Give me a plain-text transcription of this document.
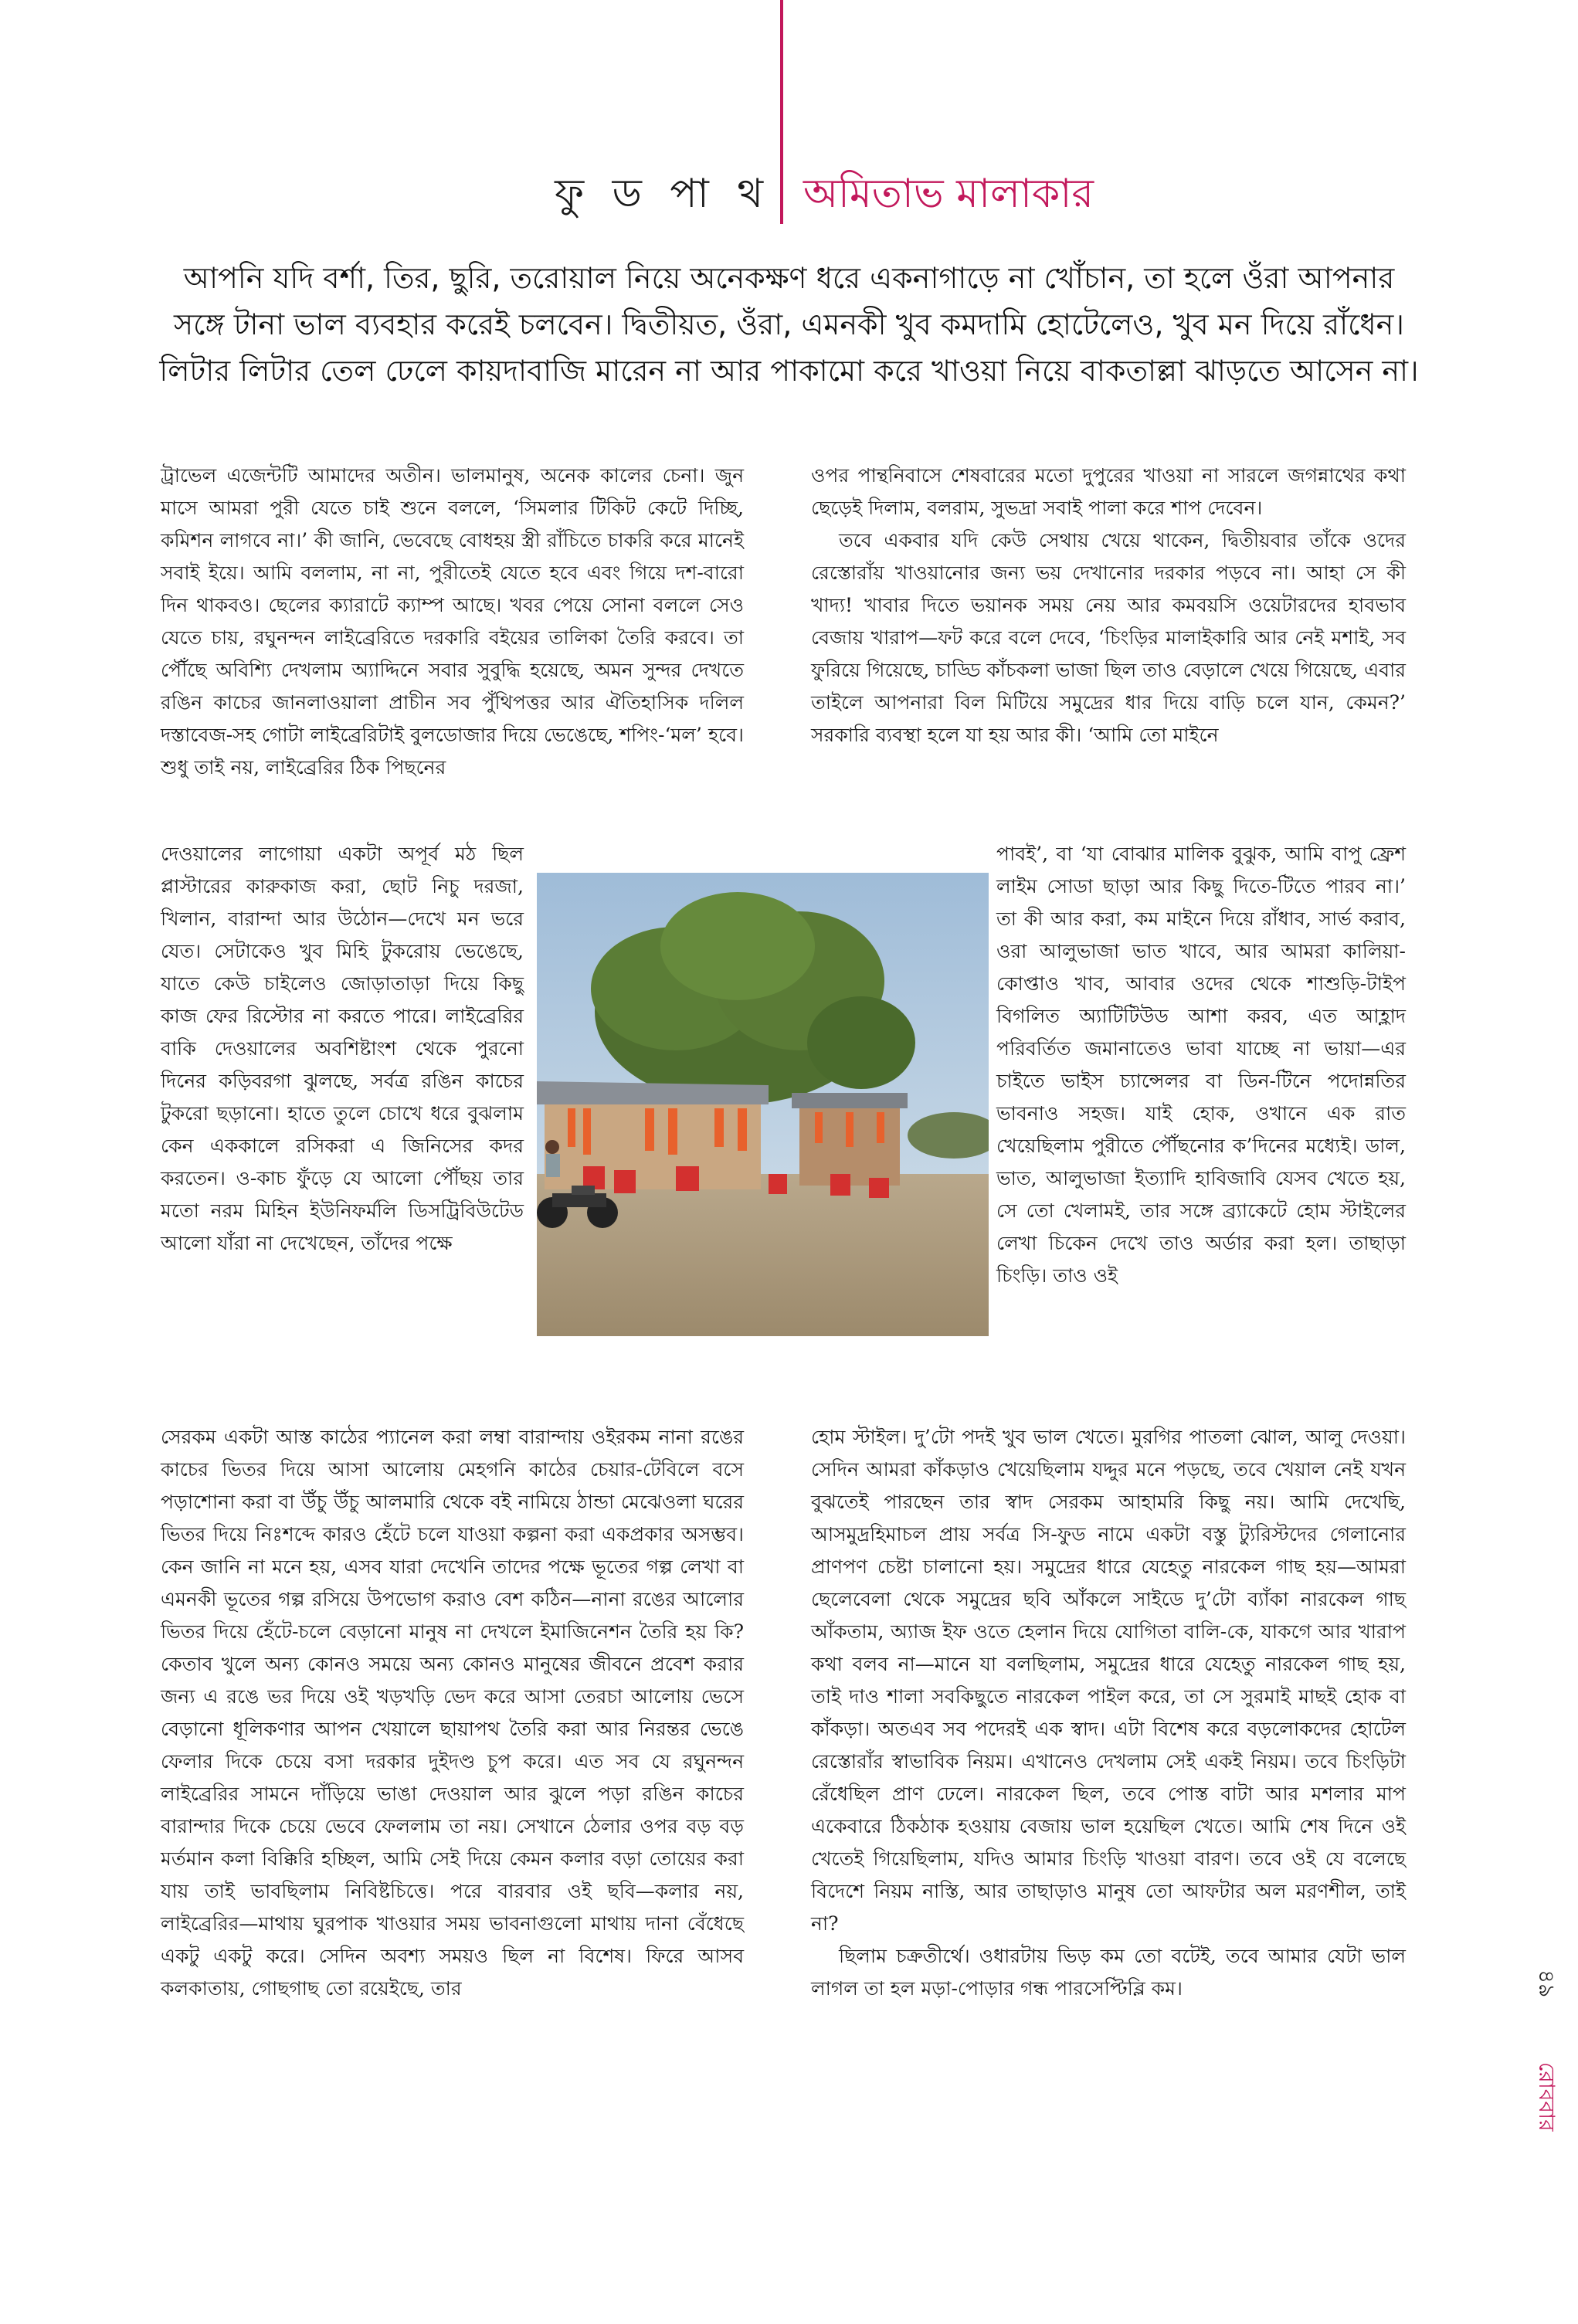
ফু ড পা থ অমিতাভ মালাকার
আপনি যদি বর্শা, তির, ছুরি, তরোয়াল নিয়ে অনেকক্ষণ ধরে একনাগাড়ে না খোঁচান, তা হলে ওঁরা আপনার সঙ্গে টানা ভাল ব্যবহার করেই চলবেন। দ্বিতীয়ত, ওঁরা, এমনকী খুব কমদামি হোটেলেও, খুব মন দিয়ে রাঁধেন। লিটার লিটার তেল ঢেলে কায়দাবাজি মারেন না আর পাকামো করে খাওয়া নিয়ে বাকতাল্লা ঝাড়তে আসেন না।

ট্রাভেল এজেন্টটি আমাদের অতীন। ভালমানুষ, অনেক কালের চেনা। জুন মাসে আমরা পুরী যেতে চাই শুনে বললে, ‘সিমলার টিকিট কেটে দিচ্ছি, কমিশন লাগবে না।’ কী জানি, ভেবেছে বোধহয় স্ত্রী রাঁচিতে চাকরি করে মানেই সবাই ইয়ে। আমি বললাম, না না, পুরীতেই যেতে হবে এবং গিয়ে দশ-বারো দিন থাকবও। ছেলের ক্যারাটে ক্যাম্প আছে। খবর পেয়ে সোনা বললে সেও যেতে চায়, রঘুনন্দন লাইব্রেরিতে দরকারি বইয়ের তালিকা তৈরি করবে। তা পৌঁছে অবিশ্যি দেখলাম অ্যাদ্দিনে সবার সুবুদ্ধি হয়েছে, অমন সুন্দর দেখতে রঙিন কাচের জানলাওয়ালা প্রাচীন সব পুঁথিপত্তর আর ঐতিহাসিক দলিল দস্তাবেজ-সহ গোটা লাইব্রেরিটাই বুলডোজার দিয়ে ভেঙেছে, শপিং-‘মল’ হবে। শুধু তাই নয়, লাইব্রেরির ঠিক পিছনের

দেওয়ালের লাগোয়া একটা অপূর্ব মঠ ছিল প্লাস্টারের কারুকাজ করা, ছোট নিচু দরজা, খিলান, বারান্দা আর উঠোন—দেখে মন ভরে যেত। সেটাকেও খুব মিহি টুকরোয় ভেঙেছে, যাতে কেউ চাইলেও জোড়াতাড়া দিয়ে কিছু কাজ ফের রিস্টোর না করতে পারে। লাইব্রেরির বাকি দেওয়ালের অবশিষ্টাংশ থেকে পুরনো দিনের কড়িবরগা ঝুলছে, সর্বত্র রঙিন কাচের টুকরো ছড়ানো। হাতে তুলে চোখে ধরে বুঝলাম কেন এককালে রসিকরা এ জিনিসের কদর করতেন। ও-কাচ ফুঁড়ে যে আলো পৌঁছয় তার মতো নরম মিহিন ইউনিফর্মলি ডিসট্রিবিউটেড আলো যাঁরা না দেখেছেন, তাঁদের পক্ষে

সেরকম একটা আস্ত কাঠের প্যানেল করা লম্বা বারান্দায় ওইরকম নানা রঙের কাচের ভিতর দিয়ে আসা আলোয় মেহগনি কাঠের চেয়ার-টেবিলে বসে পড়াশোনা করা বা উঁচু উঁচু আলমারি থেকে বই নামিয়ে ঠান্ডা মেঝেওলা ঘরের ভিতর দিয়ে নিঃশব্দে কারও হেঁটে চলে যাওয়া কল্পনা করা একপ্রকার অসম্ভব। কেন জানি না মনে হয়, এসব যারা দেখেনি তাদের পক্ষে ভূতের গল্প লেখা বা এমনকী ভূতের গল্প রসিয়ে উপভোগ করাও বেশ কঠিন—নানা রঙের আলোর ভিতর দিয়ে হেঁটে-চলে বেড়ানো মানুষ না দেখলে ইমাজিনেশন তৈরি হয় কি? কেতাব খুলে অন্য কোনও সময়ে অন্য কোনও মানুষের জীবনে প্রবেশ করার জন্য এ রঙে ভর দিয়ে ওই খড়খড়ি ভেদ করে আসা তেরচা আলোয় ভেসে বেড়ানো ধূলিকণার আপন খেয়ালে ছায়াপথ তৈরি করা আর নিরন্তর ভেঙে ফেলার দিকে চেয়ে বসা দরকার দুইদণ্ড চুপ করে। এত সব যে রঘুনন্দন লাইব্রেরির সামনে দাঁড়িয়ে ভাঙা দেওয়াল আর ঝুলে পড়া রঙিন কাচের বারান্দার দিকে চেয়ে ভেবে ফেললাম তা নয়। সেখানে ঠেলার ওপর বড় বড় মর্তমান কলা বিক্কিরি হচ্ছিল, আমি সেই দিয়ে কেমন কলার বড়া তোয়ের করা যায় তাই ভাবছিলাম নিবিষ্টচিত্তে। পরে বারবার ওই ছবি—কলার নয়, লাইব্রেরির—মাথায় ঘুরপাক খাওয়ার সময় ভাবনাগুলো মাথায় দানা বেঁধেছে একটু একটু করে। সেদিন অবশ্য সময়ও ছিল না বিশেষ। ফিরে আসব কলকাতায়, গোছগাছ তো রয়েইছে, তার

ওপর পান্থনিবাসে শেষবারের মতো দুপুরের খাওয়া না সারলে জগন্নাথের কথা ছেড়েই দিলাম, বলরাম, সুভদ্রা সবাই পালা করে শাপ দেবেন।

তবে একবার যদি কেউ সেথায় খেয়ে থাকেন, দ্বিতীয়বার তাঁকে ওদের রেস্তোরাঁয় খাওয়ানোর জন্য ভয় দেখানোর দরকার পড়বে না। আহা সে কী খাদ্য! খাবার দিতে ভয়ানক সময় নেয় আর কমবয়সি ওয়েটারদের হাবভাব বেজায় খারাপ—ফট করে বলে দেবে, ‘চিংড়ির মালাইকারি আর নেই মশাই, সব ফুরিয়ে গিয়েছে, চাড্ডি কাঁচকলা ভাজা ছিল তাও বেড়ালে খেয়ে গিয়েছে, এবার তাইলে আপনারা বিল মিটিয়ে সমুদ্রের ধার দিয়ে বাড়ি চলে যান, কেমন?’ সরকারি ব্যবস্থা হলে যা হয় আর কী। ‘আমি তো মাইনে

পাবই’, বা ‘যা বোঝার মালিক বুঝুক, আমি বাপু ফ্রেশ লাইম সোডা ছাড়া আর কিছু দিতে-টিতে পারব না।’ তা কী আর করা, কম মাইনে দিয়ে রাঁধাব, সার্ভ করাব, ওরা আলুভাজা ভাত খাবে, আর আমরা কালিয়া-কোপ্তাও খাব, আবার ওদের থেকে শাশুড়ি-টাইপ বিগলিত অ্যাটিটিউড আশা করব, এত আহ্লাদ পরিবর্তিত জমানাতেও ভাবা যাচ্ছে না ভায়া—এর চাইতে ভাইস চ্যান্সেলর বা ডিন-টিনে পদোন্নতির ভাবনাও সহজ। যাই হোক, ওখানে এক রাত খেয়েছিলাম পুরীতে পৌঁছনোর ক’দিনের মধ্যেই। ডাল, ভাত, আলুভাজা ইত্যাদি হাবিজাবি যেসব খেতে হয়, সে তো খেলামই, তার সঙ্গে ব্র্যাকেটে হোম স্টাইলের লেখা চিকেন দেখে তাও অর্ডার করা হল। তাছাড়া চিংড়ি। তাও ওই

হোম স্টাইল। দু’টো পদই খুব ভাল খেতে। মুরগির পাতলা ঝোল, আলু দেওয়া। সেদিন আমরা কাঁকড়াও খেয়েছিলাম যদ্দুর মনে পড়ছে, তবে খেয়াল নেই যখন বুঝতেই পারছেন তার স্বাদ সেরকম আহামরি কিছু নয়। আমি দেখেছি, আসমুদ্রহিমাচল প্রায় সর্বত্র সি-ফুড নামে একটা বস্তু ট্যুরিস্টদের গেলানোর প্রাণপণ চেষ্টা চালানো হয়। সমুদ্রের ধারে যেহেতু নারকেল গাছ হয়—আমরা ছেলেবেলা থেকে সমুদ্রের ছবি আঁকলে সাইডে দু’টো ব্যাঁকা নারকেল গাছ আঁকতাম, অ্যাজ ইফ ওতে হেলান দিয়ে যোগিতা বালি-কে, যাকগে আর খারাপ কথা বলব না—মানে যা বলছিলাম, সমুদ্রের ধারে যেহেতু নারকেল গাছ হয়, তাই দাও শালা সবকিছুতে নারকেল পাইল করে, তা সে সুরমাই মাছই হোক বা কাঁকড়া। অতএব সব পদেরই এক স্বাদ। এটা বিশেষ করে বড়লোকদের হোটেল রেস্তোরাঁর স্বাভাবিক নিয়ম। এখানেও দেখলাম সেই একই নিয়ম। তবে চিংড়িটা রেঁধেছিল প্রাণ ঢেলে। নারকেল ছিল, তবে পোস্ত বাটা আর মশলার মাপ একেবারে ঠিকঠাক হওয়ায় বেজায় ভাল হয়েছিল খেতে। আমি শেষ দিনে ওই খেতেই গিয়েছিলাম, যদিও আমার চিংড়ি খাওয়া বারণ। তবে ওই যে বলেছে বিদেশে নিয়ম নাস্তি, আর তাছাড়াও মানুষ তো আফটার অল মরণশীল, তাই না?

ছিলাম চক্রতীর্থে। ওধারটায় ভিড় কম তো বটেই, তবে আমার যেটা ভাল লাগল তা হল মড়া-পোড়ার গন্ধ পারসেপ্টিব্লি কম।	৪৯
রোববার
